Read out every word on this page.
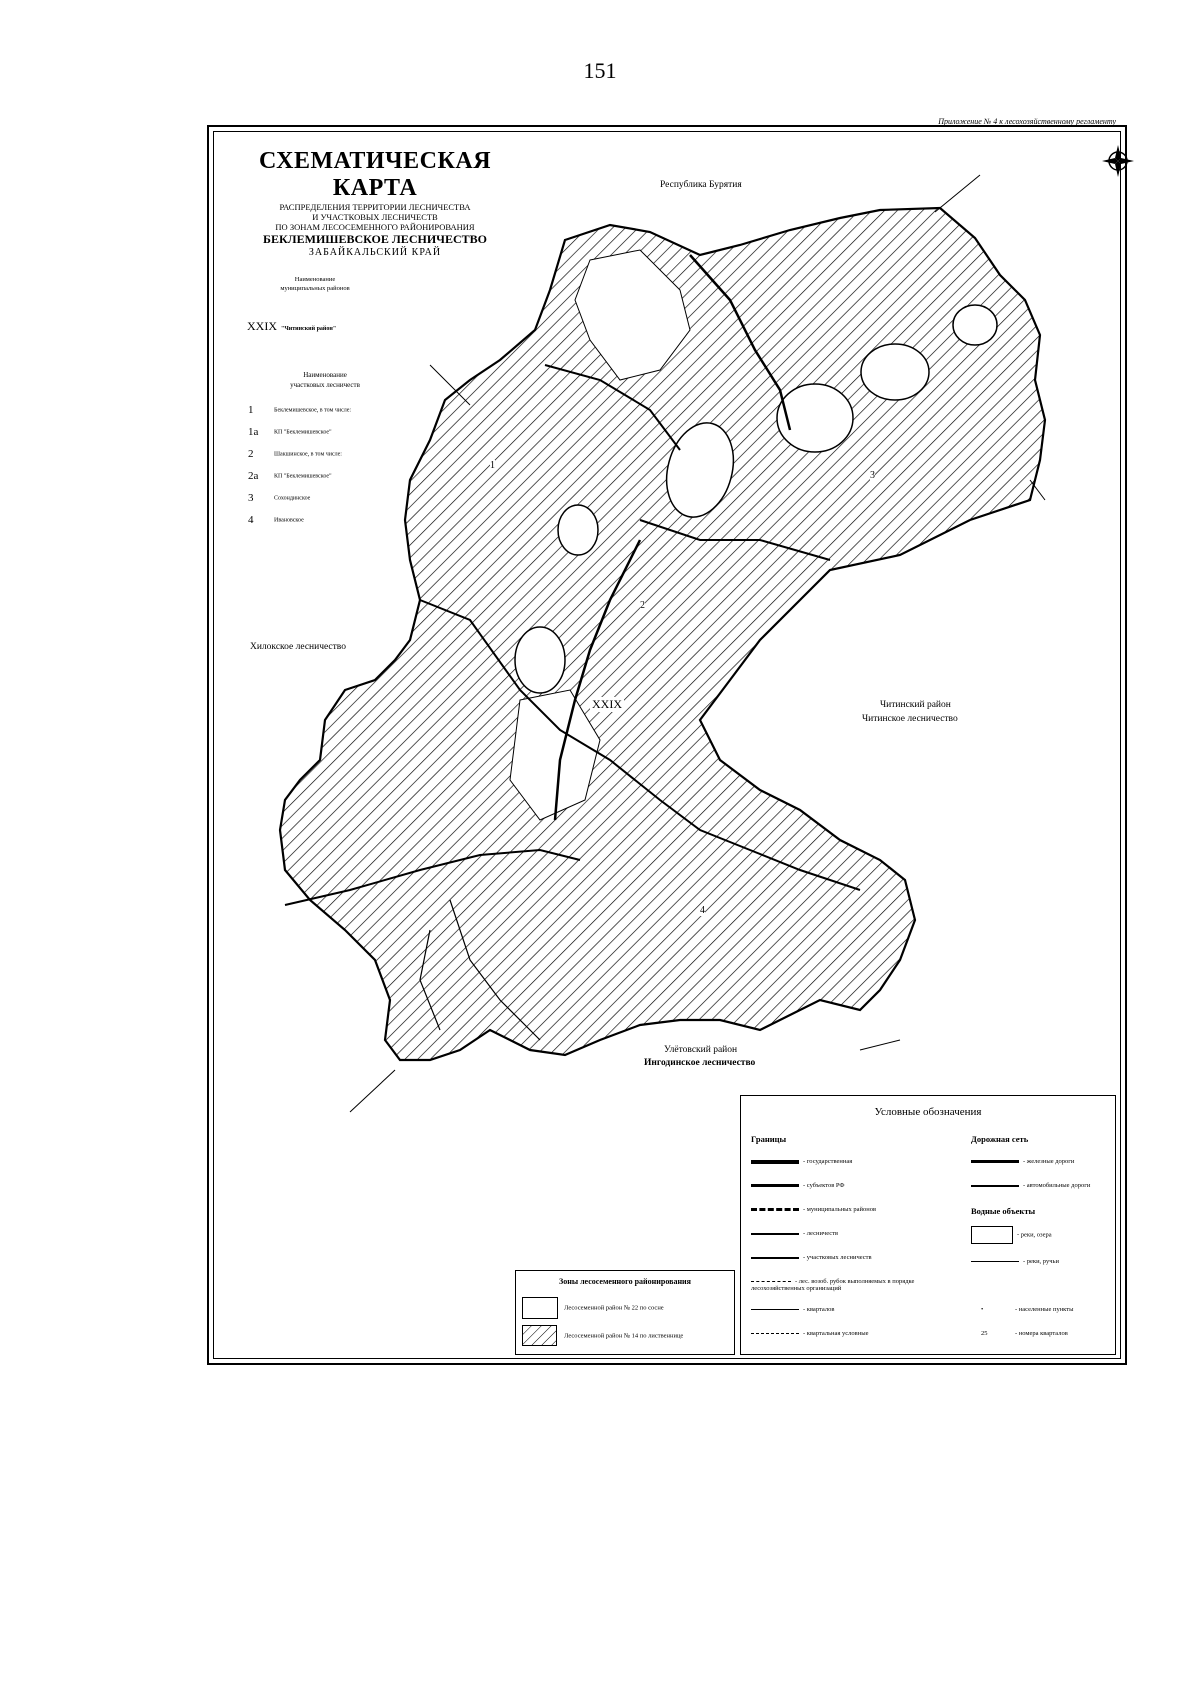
151
Приложение № 4 к лесохозяйственному регламенту
СХЕМАТИЧЕСКАЯ КАРТА
РАСПРЕДЕЛЕНИЯ ТЕРРИТОРИИ ЛЕСНИЧЕСТВА
И УЧАСТКОВЫХ ЛЕСНИЧЕСТВ
ПО ЗОНАМ ЛЕСОСЕМЕННОГО РАЙОНИРОВАНИЯ
БЕКЛЕМИШЕВСКОЕ ЛЕСНИЧЕСТВО
ЗАБАЙКАЛЬСКИЙ КРАЙ
Наименование
муниципальных районов
XXIX "Читинский район"
Наименование
участковых лесничеств
1	Беклемишевское, в том числе:
1а	КП "Беклемишевское"
2	Шакшинское, в том числе:
2а	КП "Беклемишевское"
3	Сохондинское
4	Ивановское
Республика Бурятия
Хилокское лесничество
Читинский район
Читинское лесничество
Улётовский район
Ингодинское лесничество
XXIX
1
2
3
4
Зоны лесосеменного районирования
Лесосеменной район № 22 по сосне
Лесосеменной район № 14 по лиственнице
Условные обозначения
Границы
- государственная
- субъектов РФ
- муниципальных районов
- лесничеств
- участковых лесничеств
- лес. возоб. рубок выполняемых в порядке лесохозяйственных организаций
- кварталов
- квартальная условные
Дорожная сеть
- железные дороги
- автомобильные дороги
Водные объекты
- реки, озера
- реки, ручьи
•	- населенные пункты
25	- номера кварталов
